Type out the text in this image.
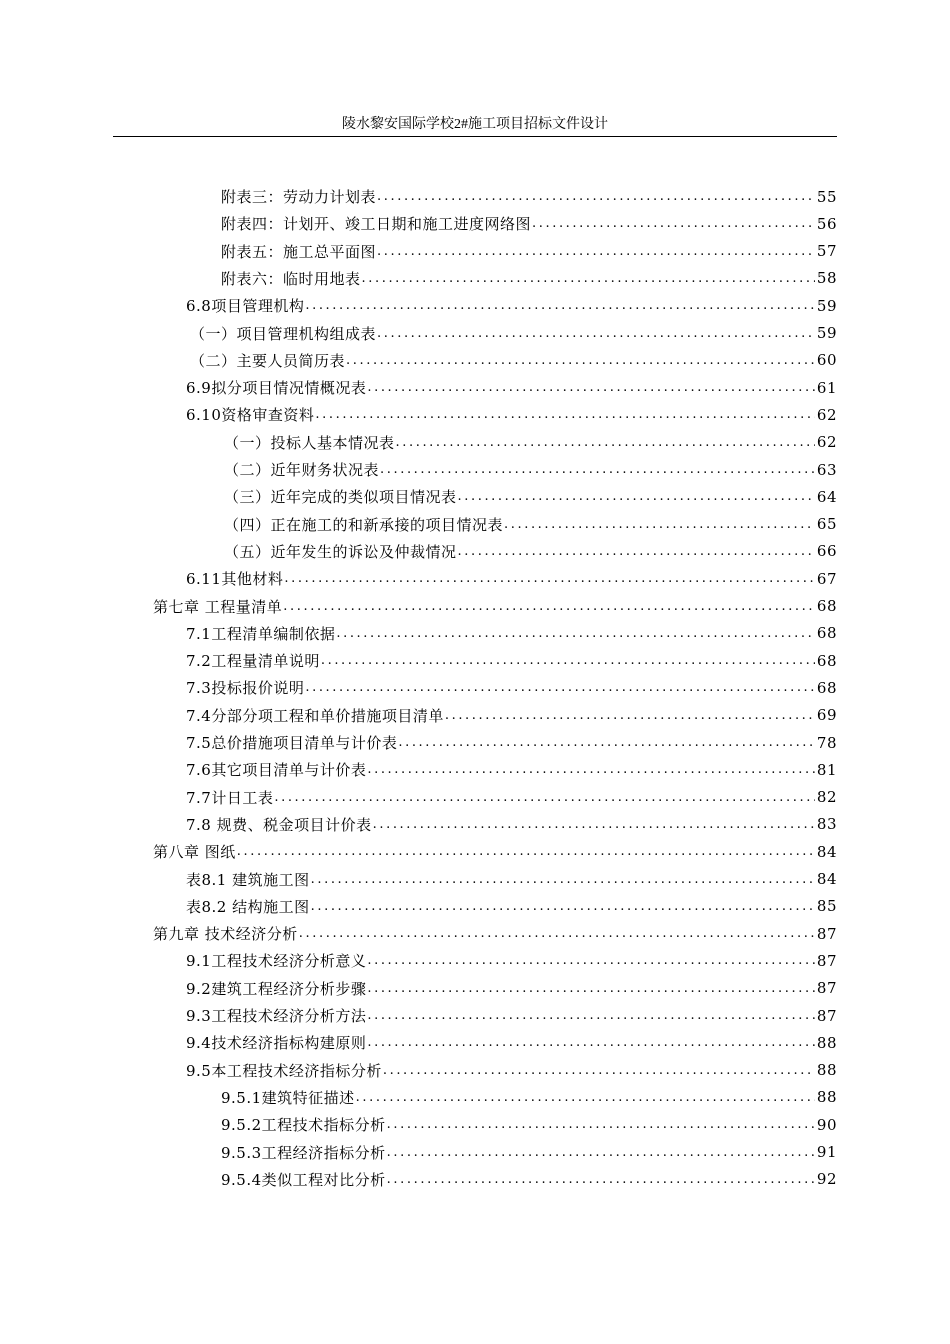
陵水黎安国际学校2#施工项目招标文件设计
附表三：劳动力计划表 .....	55
附表四：计划开、竣工日期和施工进度网络图 .....	56
附表五：施工总平面图 .....	57
附表六：临时用地表 .....	58
6.8项目管理机构 .....	59
（一）项目管理机构组成表 .....	59
（二）主要人员简历表 .....	60
6.9拟分项目情况情概况表 .....	61
6.10资格审查资料 .....	62
（一）投标人基本情况表 .....	62
（二）近年财务状况表 .....	63
（三）近年完成的类似项目情况表 .....	64
（四）正在施工的和新承接的项目情况表 .....	65
（五）近年发生的诉讼及仲裁情况 .....	66
6.11其他材料 .....	67
第七章 工程量清单 .....	68
7.1工程清单编制依据 .....	68
7.2工程量清单说明 .....	68
7.3投标报价说明 .....	68
7.4分部分项工程和单价措施项目清单 .....	69
7.5总价措施项目清单与计价表 .....	78
7.6其它项目清单与计价表 .....	81
7.7计日工表 .....	82
7.8 规费、税金项目计价表 .....	83
第八章 图纸 .....	84
表8.1 建筑施工图 .....	84
表8.2 结构施工图 .....	85
第九章 技术经济分析 .....	87
9.1工程技术经济分析意义 .....	87
9.2建筑工程经济分析步骤 .....	87
9.3工程技术经济分析方法 .....	87
9.4技术经济指标构建原则 .....	88
9.5本工程技术经济指标分析 .....	88
9.5.1建筑特征描述 .....	88
9.5.2工程技术指标分析 .....	90
9.5.3工程经济指标分析 .....	91
9.5.4类似工程对比分析 .....	92
